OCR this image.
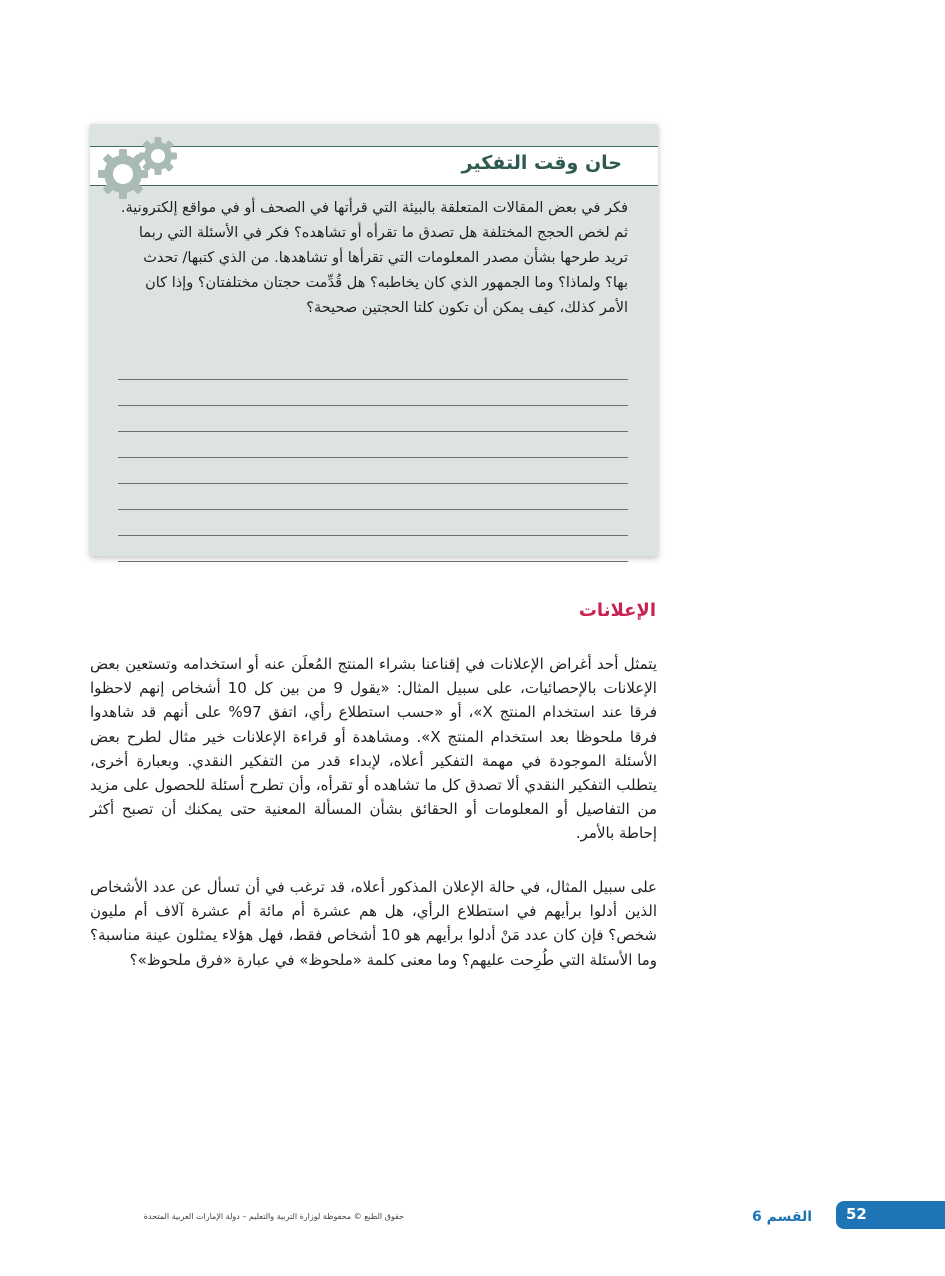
حان وقت التفكير

فكر في بعض المقالات المتعلقة بالبيئة التي قرأتها في الصحف أو في مواقع إلكترونية. ثم لخص الحجج المختلفة هل تصدق ما تقرأه أو تشاهده؟ فكر في الأسئلة التي ربما تريد طرحها بشأن مصدر المعلومات التي تقرأها أو تشاهدها. من الذي كتبها/ تحدث بها؟ ولماذا؟ وما الجمهور الذي كان يخاطبه؟ هل قُدِّمت حجتان مختلفتان؟ وإذا كان الأمر كذلك، كيف يمكن أن تكون كلتا الحجتين صحيحة؟

الإعلانات

يتمثل أحد أغراض الإعلانات في إقناعنا بشراء المنتج المُعلَن عنه أو استخدامه وتستعين بعض الإعلانات بالإحصائيات، على سبيل المثال: «يقول 9 من بين كل 10 أشخاص إنهم لاحظوا فرقا عند استخدام المنتج X»، أو «حسب استطلاع رأي، اتفق 97% على أنهم قد شاهدوا فرقا ملحوظا بعد استخدام المنتج X». ومشاهدة أو قراءة الإعلانات خير مثال لطرح بعض الأسئلة الموجودة في مهمة التفكير أعلاه، لإبداء قدر من التفكير النقدي. وبعبارة أخرى، يتطلب التفكير النقدي ألا تصدق كل ما تشاهده أو تقرأه، وأن تطرح أسئلة للحصول على مزيد من التفاصيل أو المعلومات أو الحقائق بشأن المسألة المعنية حتى يمكنك أن تصبح أكثر إحاطة بالأمر.

على سبيل المثال، في حالة الإعلان المذكور أعلاه، قد ترغب في أن تسأل عن عدد الأشخاص الذين أدلوا برأيهم في استطلاع الرأي، هل هم عشرة أم مائة أم عشرة آلاف أم مليون شخص؟ فإن كان عدد مَنْ أدلوا برأيهم هو 10 أشخاص فقط، فهل هؤلاء يمثلون عينة مناسبة؟ وما الأسئلة التي طُرِحت عليهم؟ وما معنى كلمة «ملحوظ» في عبارة «فرق ملحوظ»؟

52

القسم 6

حقوق الطبع © محفوظة لوزارة التربية والتعليم – دولة الإمارات العربية المتحدة
